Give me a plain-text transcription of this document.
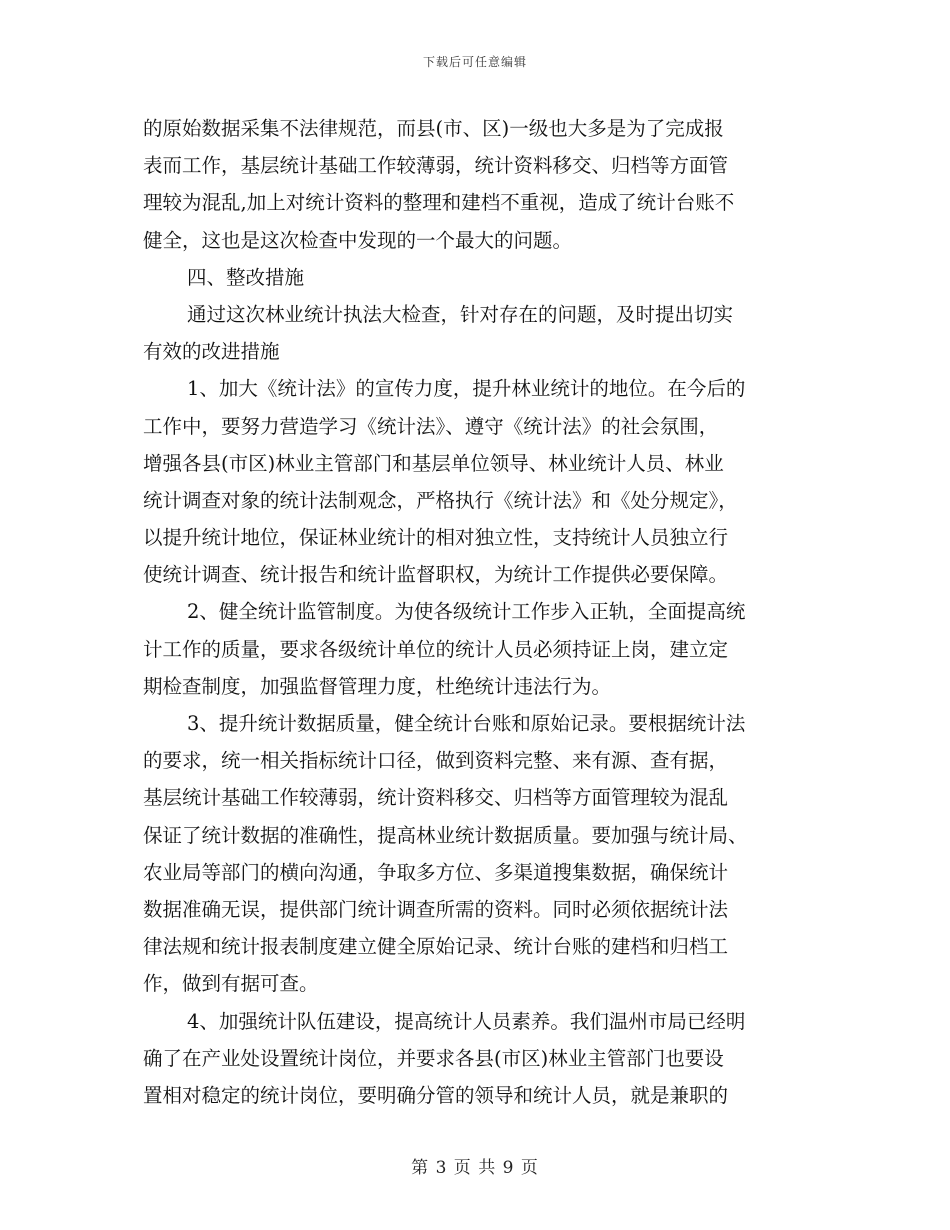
下载后可任意编辑
的原始数据采集不法律规范，而县(市、区)一级也大多是为了完成报
表而工作，基层统计基础工作较薄弱，统计资料移交、归档等方面管
理较为混乱,加上对统计资料的整理和建档不重视，造成了统计台账不
健全，这也是这次检查中发现的一个最大的问题。
四、整改措施
通过这次林业统计执法大检查，针对存在的问题，及时提出切实
有效的改进措施
1、加大《统计法》的宣传力度，提升林业统计的地位。在今后的
工作中，要努力营造学习《统计法》、遵守《统计法》的社会氛围，
增强各县(市区)林业主管部门和基层单位领导、林业统计人员、林业
统计调查对象的统计法制观念，严格执行《统计法》和《处分规定》，
以提升统计地位，保证林业统计的相对独立性，支持统计人员独立行
使统计调查、统计报告和统计监督职权，为统计工作提供必要保障。
2、健全统计监管制度。为使各级统计工作步入正轨，全面提高统
计工作的质量，要求各级统计单位的统计人员必须持证上岗，建立定
期检查制度，加强监督管理力度，杜绝统计违法行为。
3、提升统计数据质量，健全统计台账和原始记录。要根据统计法
的要求，统一相关指标统计口径，做到资料完整、来有源、查有据，
基层统计基础工作较薄弱，统计资料移交、归档等方面管理较为混乱
保证了统计数据的准确性，提高林业统计数据质量。要加强与统计局、
农业局等部门的横向沟通，争取多方位、多渠道搜集数据，确保统计
数据准确无误，提供部门统计调查所需的资料。同时必须依据统计法
律法规和统计报表制度建立健全原始记录、统计台账的建档和归档工
作，做到有据可查。
4、加强统计队伍建设，提高统计人员素养。我们温州市局已经明
确了在产业处设置统计岗位，并要求各县(市区)林业主管部门也要设
置相对稳定的统计岗位，要明确分管的领导和统计人员，就是兼职的
第 3 页 共 9 页
